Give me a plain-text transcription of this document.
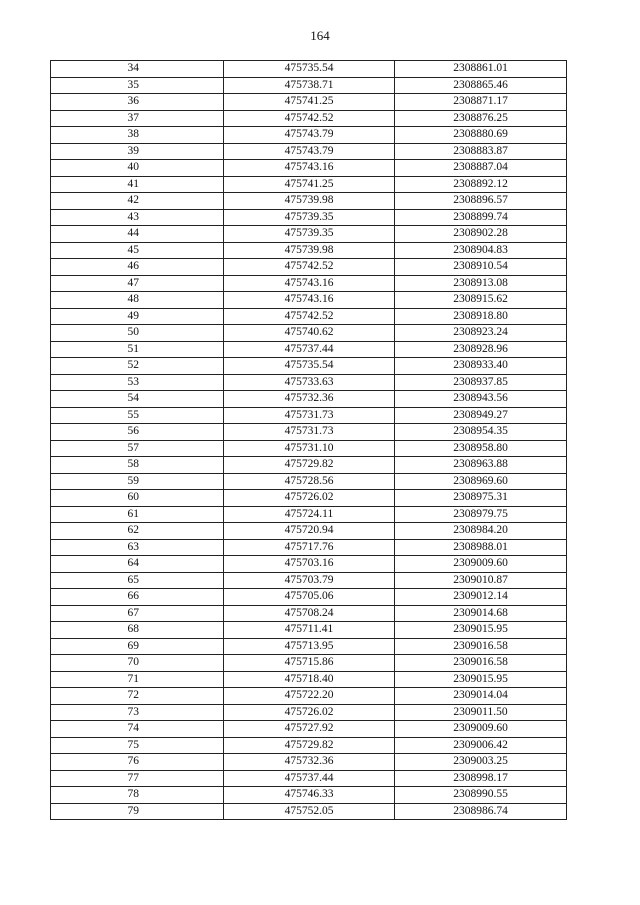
164
34	475735.54	2308861.01
35	475738.71	2308865.46
36	475741.25	2308871.17
37	475742.52	2308876.25
38	475743.79	2308880.69
39	475743.79	2308883.87
40	475743.16	2308887.04
41	475741.25	2308892.12
42	475739.98	2308896.57
43	475739.35	2308899.74
44	475739.35	2308902.28
45	475739.98	2308904.83
46	475742.52	2308910.54
47	475743.16	2308913.08
48	475743.16	2308915.62
49	475742.52	2308918.80
50	475740.62	2308923.24
51	475737.44	2308928.96
52	475735.54	2308933.40
53	475733.63	2308937.85
54	475732.36	2308943.56
55	475731.73	2308949.27
56	475731.73	2308954.35
57	475731.10	2308958.80
58	475729.82	2308963.88
59	475728.56	2308969.60
60	475726.02	2308975.31
61	475724.11	2308979.75
62	475720.94	2308984.20
63	475717.76	2308988.01
64	475703.16	2309009.60
65	475703.79	2309010.87
66	475705.06	2309012.14
67	475708.24	2309014.68
68	475711.41	2309015.95
69	475713.95	2309016.58
70	475715.86	2309016.58
71	475718.40	2309015.95
72	475722.20	2309014.04
73	475726.02	2309011.50
74	475727.92	2309009.60
75	475729.82	2309006.42
76	475732.36	2309003.25
77	475737.44	2308998.17
78	475746.33	2308990.55
79	475752.05	2308986.74
